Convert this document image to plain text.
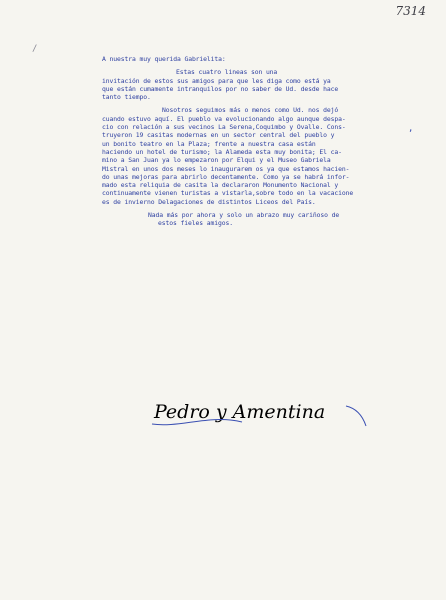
7314
/
,
A nuestra muy querida Gabrielita:
Estas cuatro lineas son una
invitación de estos sus amigos para que les diga como está ya
que están cumamente intranquilos por no saber de Ud. desde hace
tanto tiempo.
Nosotros seguimos más o menos como Ud. nos dejó
cuando estuvo aquí. El pueblo va evolucionando algo aunque despa-
cio con relación a sus vecinos La Serena,Coquimbo y Ovalle. Cons-
truyeron 19 casitas modernas en un sector central del pueblo y
un bonito teatro en la Plaza; frente a nuestra casa están
haciendo un hotel de turismo; la Alameda esta muy bonita; El ca-
mino a San Juan ya lo empezaron por Elqui y el Museo Gabriela
Mistral en unos dos meses lo inaugurarem os ya que estamos hacien-
do unas mejoras para abrirlo decentamente. Como ya se habrá infor-
mado esta reliquia de casita la declararon Monumento Nacional y
continuamente vienen turistas a vistarla,sobre todo en la vacacione
es de invierno Delagaciones de distintos Liceos del País.
Nada más por ahora y solo un abrazo muy cariñoso de
estos fieles amigos.
Pedro y Amentina
